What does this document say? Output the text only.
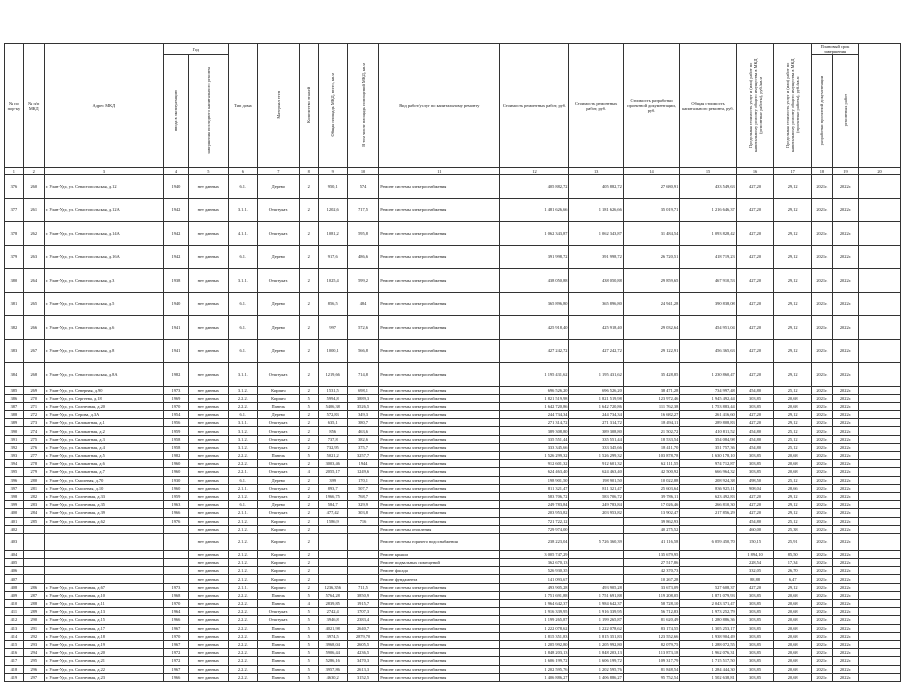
№ по пор-ку	№ п/п МКД	Адрес МКД	Год		Тип дома	Материал стен	Количество этажей	Общая площадь МКД, всего, кв.м	В том числе площадь помещений МКД, кв.м	Вид работ/услуг по капитальному ремонту	Стоимость ремонтных работ, руб.	Стоимость ремонтных работ, руб.	Стоимость разработки проектной документации, руб.	Общая стоимость капитального ремонта, руб.	Предельная стоимость услуг и (или) работ по капитальному ремонту общего имущества в МКД (ремонтные работы), руб./кв.м	Предельная стоимость услуг и (или) работ по капитальному ремонту общего имущества в МКД (проектные работы), руб./кв.м	Плановый срок завершения		
			ввода в эксплуатацию	завершения последнего капитального ремонта													разработки проектной документации	ремонтных работ	
1	2	3	4	5	6	7	8	9	10	11	12	13	14	15	16	17	18	19	20
376	260	г. Улан-Удэ, ул. Севастопольская, д.12	1940	нет данных	6.1.	Дерево	2	950,1	574	Ремонт системы электроснабжения	405 882,72	405 882,72	27 680,91	433 549,63	427,20	29,12	2021г.	2022г.	
377	261	г. Улан-Удэ, ул. Севастопольская, д.12А	1942	нет данных	3.1.1.	Отштукат.	2	1202,6	717,5	Ремонт системы электроснабжения	1 481 626,66	1 181 626,66	35 019,71	1 216 646,37	427,20	29,12	2021г.	2022г.	
378	262	г. Улан-Удэ, ул. Севастопольская, д.14А	1942	нет данных	4.1.1.	Отштукат.	2	1081,2	595,8	Ремонт системы электроснабжения	1 062 343,87	1 062 343,87	31 484,54	1 093 828,42	427,20	29,12	2021г.	2022г.	
379	263	г. Улан-Удэ, ул. Севастопольская, д.16А	1942	нет данных	6.1.	Дерево	2	917,6	486,6	Ремонт системы электроснабжения	391 998,72	391 998,72	26 720,51	418 719,23	427,20	29,12	2021г.	2022г.	
380	264	г. Улан-Удэ, ул. Севастопольская, д.3	1938	нет данных	3.1.1.	Отштукат.	2	1025,4	599,2	Ремонт системы электроснабжения	438 050,88	438 050,88	29 859,65	467 910,53	427,20	29,12	2021г.	2022г.	
381	265	г. Улан-Удэ, ул. Севастопольская, д.5	1940	нет данных	6.1.	Дерево	2	856,5	484	Ремонт системы электроснабжения	365 896,80	365 896,80	24 941,28	390 838,08	427,20	29,12	2021г.	2022г.	
382	266	г. Улан-Удэ, ул. Севастопольская, д.6	1941	нет данных	6.1.	Дерево	2	997	572,6	Ремонт системы электроснабжения	425 918,40	425 918,40	29 032,64	454 951,04	427,20	29,12	2021г.	2022г.	
383	267	г. Улан-Удэ, ул. Севастопольская, д.8	1941	нет данных	6.1.	Дерево	2	1000,1	566,8	Ремонт системы электроснабжения	427 242,72	427 242,72	29 122,91	456 365,63	427,20	29,12	2021г.	2022г.	
384	268	г. Улан-Удэ, ул. Севастопольская, д.8А	1982	нет данных	3.1.1.	Отштукат.	2	1219,66	714,8	Ремонт системы электроснабжения	1 195 431,62	1 195 431,62	35 428,85	1 230 860,47	427,20	29,12	2021г.	2022г.	
385	269	г. Улан-Удэ, ул. Северная, д.90	1973	нет данных	3.1.2.	Кирпич	2	1531,5	698,1	Ремонт системы электроснабжения	696 526,20	696 526,20	38 471,28	734 997,48	454,80	25,12	2021г.	2022г.	
386	270	г. Улан-Удэ, ул. Сергеева, д.18	1969	нет данных	2.2.2.	Кирпич	5	5994,8	3889,3	Ремонт системы электроснабжения	1 821 519,98	1 821 519,98	123 972,46	1 945 492,44	303,85	20,68	2021г.	2022г.	
387	271	г. Улан-Удэ, ул. Солнечная, д.20	1970	нет данных	2.2.2.	Панель	5	5406,38	3526,5	Ремонт системы электроснабжения	1 642 720,86	1 642 720,86	111 762,38	1 753 883,44	303,85	20,68	2021г.	2022г.	
388	272	г. Улан-Удэ, ул. Серова, д.3А	1954	нет данных	6.1.	Дерево	2	572,83	349,3	Ремонт системы электроснабжения	244 734,34	244 734,34	16 682,27	261 416,60	427,20	29,12	2021г.	2022г.	
389	273	г. Улан-Удэ, ул. Силикатная, д.1	1956	нет данных	3.1.1.	Отштукат.	2	635,1	380,7	Ремонт системы электроснабжения	271 314,72	271 314,72	18 494,11	289 808,83	427,20	29,12	2021г.	2022г.	
390	274	г. Улан-Удэ, ул. Силикатная, д.2	1959	нет данных	3.1.2.	Отштукат.	2	856	463,6	Ремонт системы электроснабжения	389 308,80	389 308,80	21 502,72	410 811,52	454,80	25,12	2021г.	2022г.	
391	275	г. Улан-Удэ, ул. Силикатная, д.3	1958	нет данных	3.1.2.	Отштукат.	2	737,8	382,6	Ремонт системы электроснабжения	335 551,44	335 551,44	18 533,54	354 084,98	454,80	25,12	2021г.	2022г.	
392	276	г. Улан-Удэ, ул. Силикатная, д.4	1958	нет данных	3.1.2.	Отштукат.	2	732,95	375,7	Ремонт системы электроснабжения	333 345,66	333 345,66	18 411,70	351 757,36	454,80	25,12	2021г.	2022г.	
393	277	г. Улан-Удэ, ул. Силикатная, д.5	1982	нет данных	2.2.2.	Панель	5	5021,2	3257,7	Ремонт системы электроснабжения	1 526 299,32	1 526 299,32	103 878,78	1 630 178,10	303,85	20,68	2021г.	2022г.	
394	278	г. Улан-Удэ, ул. Силикатная, д.6	1960	нет данных	2.2.2.	Отштукат.	2	3003,46	1944	Ремонт системы электроснабжения	912 601,32	912 601,32	62 111,55	974 712,87	303,85	20,68	2021г.	2022г.	
395	279	г. Улан-Удэ, ул. Силикатная, д.7	1960	нет данных	2.2.1.	Отштукат.	4	2055,17	1249,6	Ремонт системы электроснабжения	624 463,40	624 463,40	42 500,92	666 964,32	303,85	20,68	2021г.	2022г.	
396	280	г. Улан-Удэ, ул. Смоленая, д.70	1930	нет данных	6.1.	Дерево	2	399	170,1	Ремонт системы электроснабжения	198 901,50	198 901,50	10 022,88	208 924,38	498,50	25,12	2021г.	2022г.	
397	281	г. Улан-Удэ, ул. Смоленая, д.10	1960	нет данных	2.1.1.	Отштукат.	2	893,7	507,7	Ремонт системы электроснабжения	811 321,47	811 321,47	25 603,64	836 925,11	908,04	28,66	2021г.	2022г.	
398	282	г. Улан-Удэ, ул. Солнечная, д.33	1959	нет данных	2.1.2.	Отштукат.	2	1966,75	768,7	Ремонт системы электроснабжения	583 706,72	583 706,72	39 786,11	623 492,83	427,20	29,12	2021г.	2022г.	
399	283	г. Улан-Удэ, ул. Солнечная, д.35	1963	нет данных	6.1.	Дерево	2	584,7	329,9	Ремонт системы электроснабжения	249 783,84	249 783,84	17 026,46	266 810,30	427,20	29,12	2021г.	2022г.	
400	284	г. Улан-Удэ, ул. Солнечная, д.39	1966	нет данных	2.1.1.	Отштукат.	2	477,42	303,8	Ремонт системы электроснабжения	203 953,82	203 953,82	13 902,47	217 856,29	427,20	29,12	2021г.	2022г.	
401	285	г. Улан-Удэ, ул. Солнечная, д.62	1976	нет данных	2.1.2.	Кирпич	2	1586,9	716	Ремонт системы электроснабжения	721 722,12		39 862,93		454,80	25,12	2021г.	2022г.	
402				нет данных	2.1.2.	Кирпич	2			Ремонт системы отопления	729 974,00		40 275,52		460,00	25,38	2021г.	2022г.	
403				нет данных	2.1.2.	Кирпич	2			Ремонт системы горячего водоснабжения	238 223,04	5 726 360,39	41 116,58	6 059 450,70	150,15	25,91	2021г.	2022г.	
404				нет данных	2.1.2.	Кирпич	2			Ремонт крыши	3 005 747,29		135 679,95		1 894,10	85,50	2021г.	2022г.	
405				нет данных	2.1.2.	Кирпич	2			Ремонт подвальных помещений	362 670,13		27 517,86		228,54	17,34	2021г.	2022г.	
406				нет данных	2.1.2.	Кирпич	2			Ремонт фасада	526 930,35		42 370,73		332,05	26,70	2021г.	2022г.	
407				нет данных	2.1.2.	Кирпич	2			Ремонт фундамента	141 093,67		10 267,28		88,88	6,47	2021г.	2022г.	
408	286	г. Улан-Удэ, ул. Солнечная, д.67	1973	нет данных	2.1.1.	Кирпич	2	1236,356	711,5	Ремонт системы электроснабжения	493 905,28	493 905,28	33 673,09	527 608,37	427,20	29,12	2021г.	2022г.	
409	287	г. Улан-Удэ, ул. Солнечная, д.10	1968	нет данных	2.2.2.	Панель	5	5764,28	3850,9	Ремонт системы электроснабжения	1 751 691,88	1 751 691,88	119 208,05	1 871 079,93	303,85	20,68	2021г.	2022г.	
410	288	г. Улан-Удэ, ул. Солнечная, д.11	1970	нет данных	2.2.2.	Панель	4	2839,85	1915,7	Ремонт системы электроснабжения	1 964 642,37	1 984 642,37	58 728,10	2 043 371,47	303,85	20,68	2021г.	2022г.	
411	289	г. Улан-Удэ, ул. Солнечная, д.13	1964	нет данных	2.2.2.	Отштукат.	5	2742,4	1707,3	Ремонт системы электроснабжения	1 916 339,95	1 916 339,95	56 712,83	1 973 252,79	303,85	20,68	2021г.	2022г.	
412	290	г. Улан-Удэ, ул. Солнечная, д.15	1966	нет данных	2.2.2.	Отштукат.	5	3946,8	2383,4	Ремонт системы электроснабжения	1 199 265,87	1 199 265,87	81 620,49	1 280 886,36	303,85	20,68	2021г.	2022г.	
413	291	г. Улан-Удэ, ул. Солнечная, д.17	1967	нет данных	2.2.2.	Панель	5	4021,98	2640,7	Ремонт системы электроснабжения	1 222 078,62	1 222 078,62	83 174,55	1 305 253,17	303,85	20,68	2021г.	2022г.	
414	292	г. Улан-Удэ, ул. Солнечная, д.18	1970	нет данных	2.2.2.	Панель	5	3974,5	2879,70	Ремонт системы электроснабжения	1 815 351,83	1 815 351,83	123 552,66	1 938 904,49	303,85	20,68	2021г.	2022г.	
415	293	г. Улан-Удэ, ул. Солнечная, д.19	1967	нет данных	2.2.2.	Панель	5	3968,04	2605,5	Ремонт системы электроснабжения	1 205 992,80	1 205 992,80	82 079,75	1 288 072,55	303,85	20,68	2021г.	2022г.	
416	294	г. Улан-Удэ, ул. Солнечная, д.20	1972	нет данных	2.2.2.	Панель	5	5906,44	4236,5	Ремонт системы электроснабжения	1 848 203,13	1 848 203,13	113 873,18	1 962 076,31	303,85	20,68	2021г.	2022г.	
417	295	г. Улан-Удэ, ул. Солнечная, д.21	1972	нет данных	2.2.2.	Панель	5	5286,16	3470,3	Ремонт системы электроснабжения	1 606 199,72	1 606 199,72	109 317,79	1 715 517,50	303,85	20,68	2021г.	2022г.	
418	296	г. Улан-Удэ, ул. Солнечная, д.22	1967	нет данных	2.2.2.	Панель	5	3957,86	2613,3	Ремонт системы электроснабжения	1 202 595,76	1 202 595,76	81 848,54	1 284 444,30	303,85	20,68	2021г.	2022г.	
419	297	г. Улан-Удэ, ул. Солнечная, д.23	1966	нет данных	2.2.2.	Панель	5	4630,2	3152,5	Ремонт системы электроснабжения	1 406 886,27	1 406 886,27	95 752,54	1 502 638,81	303,85	20,68	2021г.	2022г.	
